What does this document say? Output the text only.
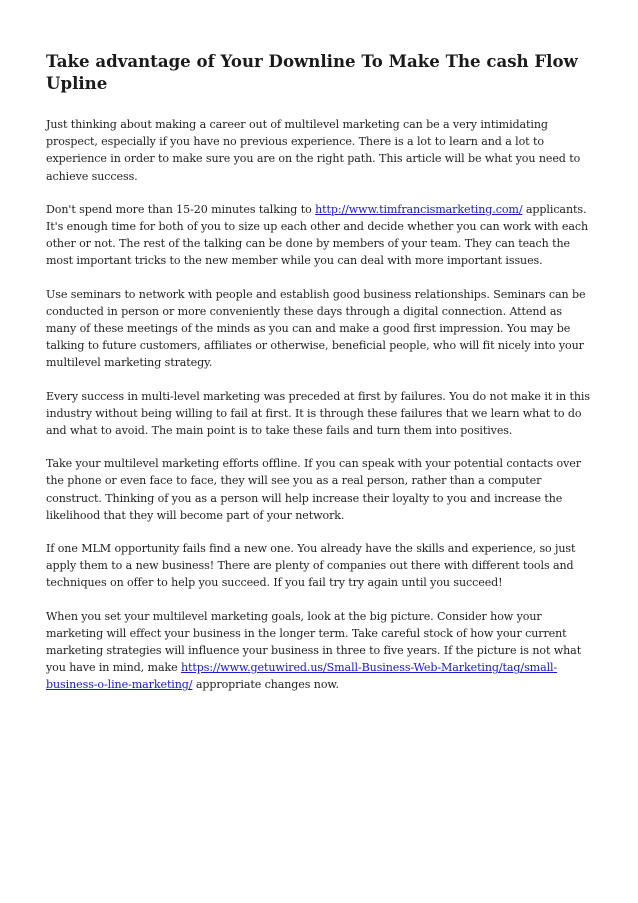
Take advantage of Your Downline To Make The cash Flow Upline

Just thinking about making a career out of multilevel marketing can be a very intimidating prospect, especially if you have no previous experience. There is a lot to learn and a lot to experience in order to make sure you are on the right path. This article will be what you need to achieve success.

Don't spend more than 15-20 minutes talking to http://www.timfrancismarketing.com/ applicants. It's enough time for both of you to size up each other and decide whether you can work with each other or not. The rest of the talking can be done by members of your team. They can teach the most important tricks to the new member while you can deal with more important issues.

Use seminars to network with people and establish good business relationships. Seminars can be conducted in person or more conveniently these days through a digital connection. Attend as many of these meetings of the minds as you can and make a good first impression. You may be talking to future customers, affiliates or otherwise, beneficial people, who will fit nicely into your multilevel marketing strategy.

Every success in multi-level marketing was preceded at first by failures. You do not make it in this industry without being willing to fail at first. It is through these failures that we learn what to do and what to avoid. The main point is to take these fails and turn them into positives.

Take your multilevel marketing efforts offline. If you can speak with your potential contacts over the phone or even face to face, they will see you as a real person, rather than a computer construct. Thinking of you as a person will help increase their loyalty to you and increase the likelihood that they will become part of your network.

If one MLM opportunity fails find a new one. You already have the skills and experience, so just apply them to a new business! There are plenty of companies out there with different tools and techniques on offer to help you succeed. If you fail try try again until you succeed!

When you set your multilevel marketing goals, look at the big picture. Consider how your marketing will effect your business in the longer term. Take careful stock of how your current marketing strategies will influence your business in three to five years. If the picture is not what you have in mind, make https://www.getuwired.us/Small-Business-Web-Marketing/tag/small-business-o-line-marketing/ appropriate changes now.
